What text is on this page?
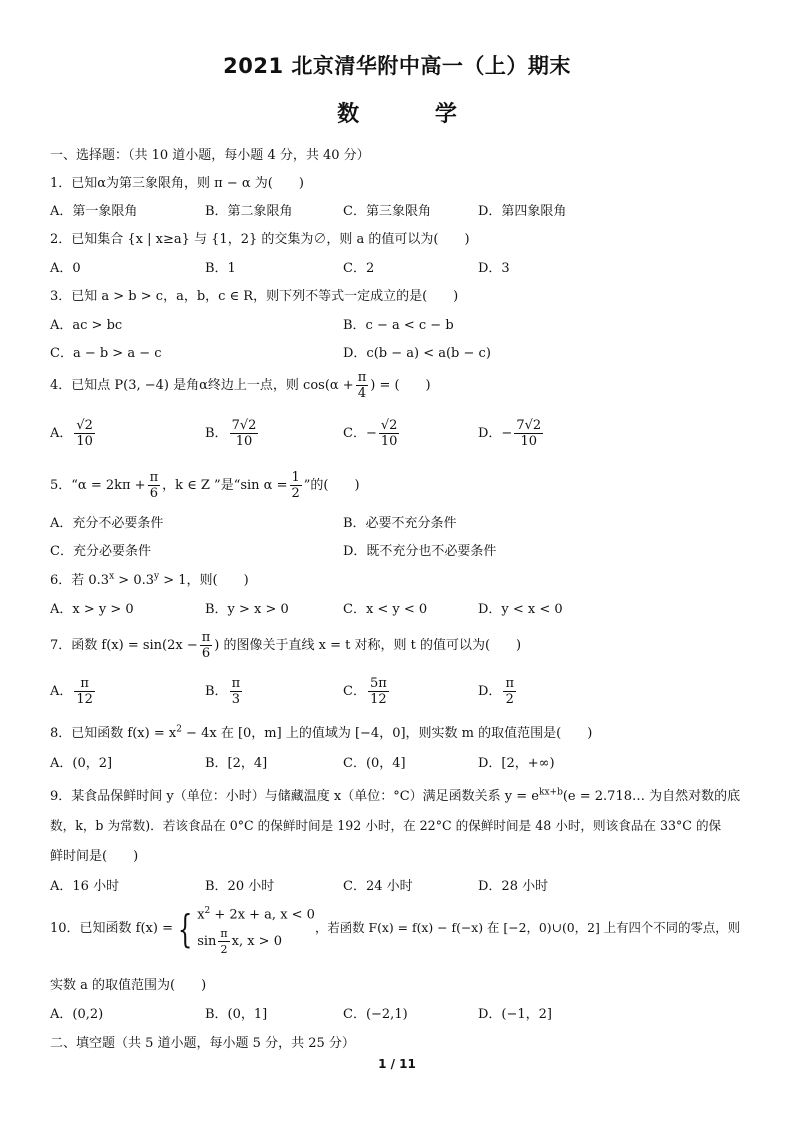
2021 北京清华附中高一（上）期末
数 学
一、选择题：（共 10 道小题，每小题 4 分，共 40 分）
1．已知α为第三象限角，则 π − α 为(　　)
A．第一象限角	B．第二象限角	C．第三象限角	D．第四象限角
2．已知集合 {x | x≥a} 与 {1，2} 的交集为∅，则 a 的值可以为(　　)
A．0	B．1	C．2	D．3
3．已知 a > b > c，a，b，c ∈ R，则下列不等式一定成立的是(　　)
A．ac > bc	B．c − a < c − b
C．a − b > a − c	D．c(b − a) < a(b − c)
4．已知点 P(3, −4) 是角α终边上一点，则 $\cos(\alpha + \frac{\pi}{4}$ ) = (　　)
A． $\frac{√2}{10}$	B． $\frac{7√2}{10}$	C．− $\frac{√2}{10}$	D．− $\frac{7√2}{10}$
5．“$\alpha = 2k\pi + \frac{\pi}{6}$ ，k ∈ Z ”是“sin $\alpha = \frac{1}{2}$ ”的(　　)
A．充分不必要条件	B．必要不充分条件
C．充分必要条件	D．既不充分也不必要条件
6．若 $0.3^x > 0.3^y > 1$，则(　　)
A．x > y > 0	B．y > x > 0	C．x < y < 0	D．y < x < 0
7．函数 $f(x) = \sin(2x - \frac{\pi}{6}$ ) 的图像关于直线 x = t 对称，则 t 的值可以为(　　)
A． $\frac{\pi}{12}$	B． $\frac{\pi}{3}$	C． $\frac{5\pi}{12}$	D． $\frac{\pi}{2}$
8．已知函数 $f(x) = x^2 - 4x$ 在 [0，m] 上的值域为 [−4，0]，则实数 m 的取值范围是(　　)
A．(0，2]	B．[2，4]	C．(0，4]	D．[2，+∞)
9．某食品保鲜时间 y（单位：小时）与储藏温度 x（单位：°C）满足函数关系 $y = e^{kx+b}(e$ = 2.718… 为自然对数的底
数，k，b 为常数)．若该食品在 0°C 的保鲜时间是 192 小时，在 22°C 的保鲜时间是 48 小时，则该食品在 33°C 的保
鲜时间是(　　)
A．16 小时	B．20 小时	C．24 小时	D．28 小时
10．已知函数 f(x) = { $x^2 + 2x + a$, x < 0
$\sin \frac{\pi}{2} x$, x > 0
，若函数 F(x) = f(x) − f(−x) 在 [−2，0)∪(0，2] 上有四个不同的零点，则
实数 a 的取值范围为(　　)
A．(0,2)	B．(0，1]	C．(−2,1)	D．(−1，2]
二、填空题（共 5 道小题，每小题 5 分，共 25 分）
1 / 11
